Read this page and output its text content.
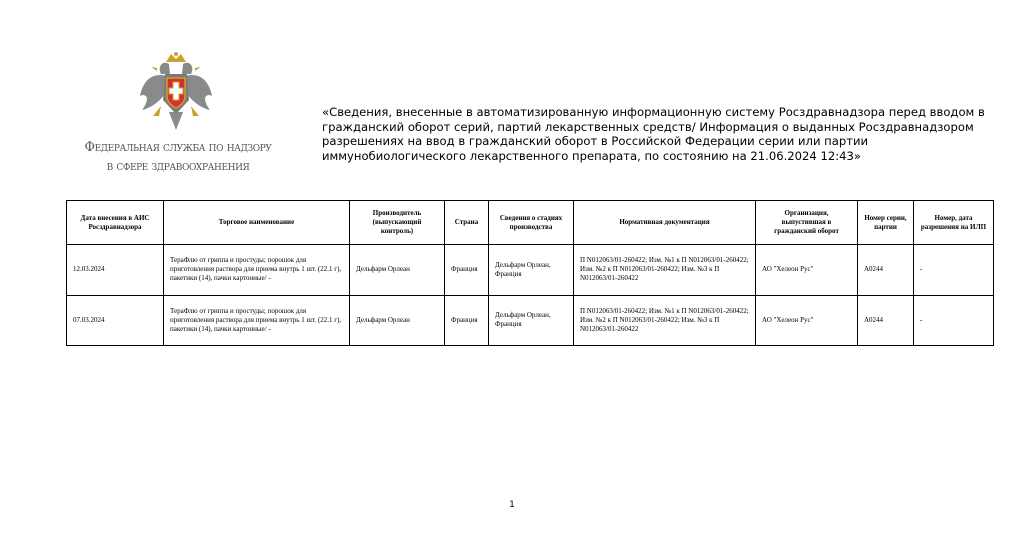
Федеральная служба по надзору
в сфере здравоохранения
«Сведения, внесенные в автоматизированную информационную систему Росздравнадзора перед вводом в гражданский оборот серий, партий лекарственных средств/ Информация о выданных Росздравнадзором разрешениях на ввод в гражданский оборот в Российской Федерации серии или партии иммунобиологического лекарственного препарата, по состоянию на 21.06.2024 12:43»
Дата внесения в АИС Росздравнадзора	Торговое наименование	Производитель (выпускающий контроль)	Страна	Сведения о стадиях производства	Нормативная документация	Организация, выпустившая в гражданский оборот	Номер серии, партии	Номер, дата разрешения на ИЛП
12.03.2024	ТераФлю от гриппа и простуды; порошок для приготовления раствора для приема внутрь 1 шт. (22.1 г), пакетики (14), пачки картонные/ -	Дельфарм Орлеан	Франция	Дельфарм Орлеан, Франция	П N012063/01-260422; Изм. №1 к П N012063/01-260422; Изм. №2 к П N012063/01-260422; Изм. №3 к П N012063/01-260422	АО "Хелеон Рус"	A0244	-
07.03.2024	ТераФлю от гриппа и простуды; порошок для приготовления раствора для приема внутрь 1 шт. (22.1 г), пакетики (14), пачки картонные/ -	Дельфарм Орлеан	Франция	Дельфарм Орлеан, Франция	П N012063/01-260422; Изм. №1 к П N012063/01-260422; Изм. №2 к П N012063/01-260422; Изм. №3 к П N012063/01-260422	АО "Хелеон Рус"	A0244	-
1
